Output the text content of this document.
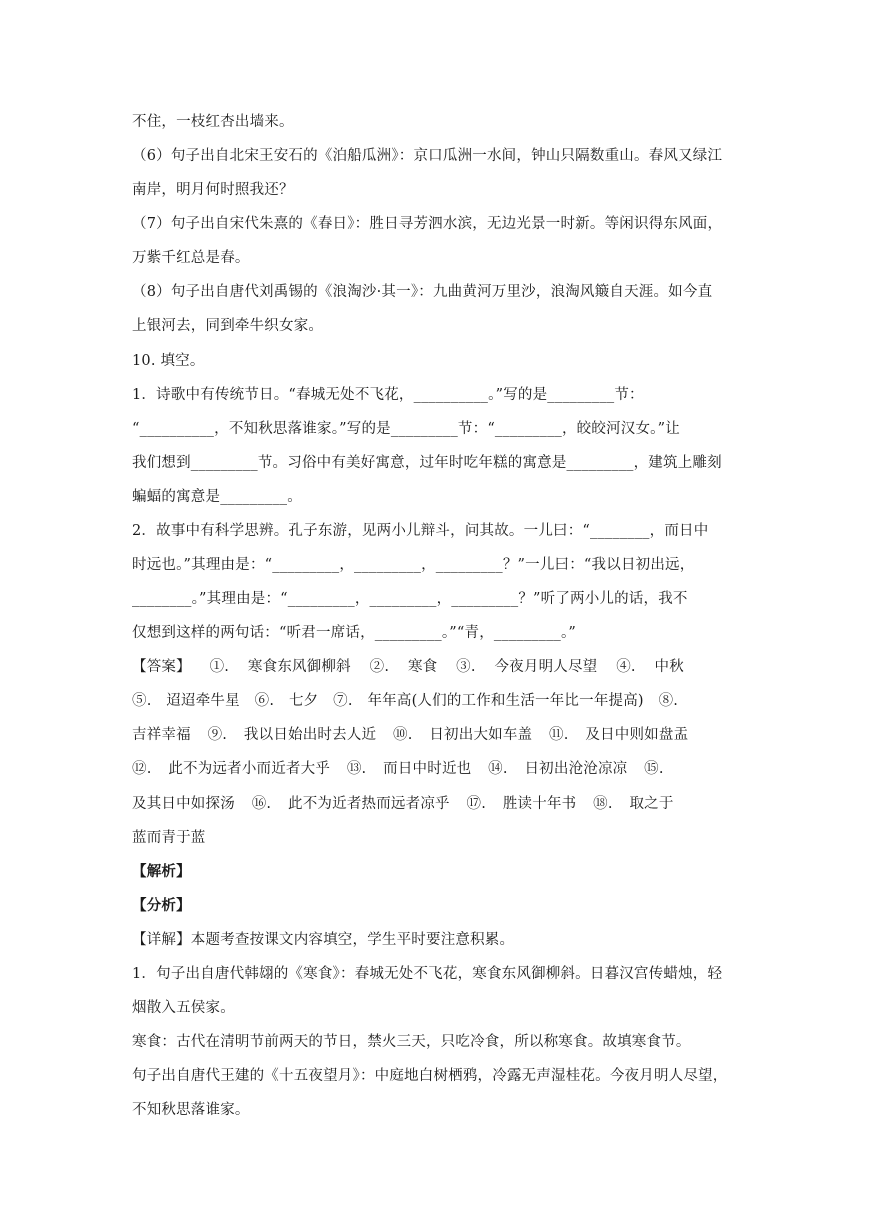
不住，一枝红杏出墙来。
（6）句子出自北宋王安石的《泊船瓜洲》：京口瓜洲一水间，钟山只隔数重山。春风又绿江
南岸，明月何时照我还？
（7）句子出自宋代朱熹的《春日》：胜日寻芳泗水滨，无边光景一时新。等闲识得东风面，
万紫千红总是春。
（8）句子出自唐代刘禹锡的《浪淘沙·其一》：九曲黄河万里沙，浪淘风簸自天涯。如今直
上银河去，同到牵牛织女家。
10. 填空。
1．诗歌中有传统节日。“春城无处不飞花，__________。”写的是_________节：
“__________，不知秋思落谁家。”写的是_________节：“_________，皎皎河汉女。”让
我们想到_________节。习俗中有美好寓意，过年时吃年糕的寓意是_________，建筑上雕刻
蝙蝠的寓意是_________。
2．故事中有科学思辨。孔子东游，见两小儿辩斗，问其故。一儿曰：“________，而日中
时远也。”其理由是：“_________，_________，_________？”一儿曰：“我以日初出远，
________。”其理由是：“_________，_________，_________？”听了两小儿的话，我不
仅想到这样的两句话：“听君一席话，_________。”“青，_________。”
【答案】 ①. 寒食东风御柳斜 ②. 寒食 ③. 今夜月明人尽望 ④. 中秋
⑤. 迢迢牵牛星 ⑥. 七夕 ⑦. 年年高(人们的工作和生活一年比一年提高) ⑧.
吉祥幸福 ⑨. 我以日始出时去人近 ⑩. 日初出大如车盖 ⑪. 及日中则如盘盂
⑫. 此不为远者小而近者大乎 ⑬. 而日中时近也 ⑭. 日初出沧沧凉凉 ⑮.
及其日中如探汤 ⑯. 此不为近者热而远者凉乎 ⑰. 胜读十年书 ⑱. 取之于
蓝而青于蓝
【解析】
【分析】
【详解】本题考查按课文内容填空，学生平时要注意积累。
1．句子出自唐代韩翃的《寒食》：春城无处不飞花，寒食东风御柳斜。日暮汉宫传蜡烛，轻
烟散入五侯家。
寒食：古代在清明节前两天的节日，禁火三天，只吃冷食，所以称寒食。故填寒食节。
句子出自唐代王建的《十五夜望月》：中庭地白树栖鸦，冷露无声湿桂花。今夜月明人尽望，
不知秋思落谁家。
